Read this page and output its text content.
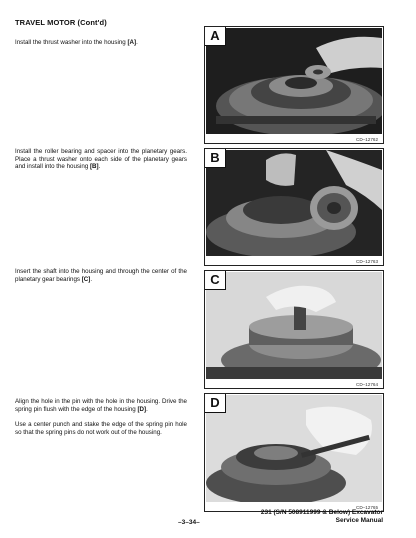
TRAVEL MOTOR (Cont'd)
Install the thrust washer into the housing [A].
Install the roller bearing and spacer into the planetary gears. Place a thrust washer onto each side of the planetary gears and install into the housing [B].
Insert the shaft into the housing and through the center of the planetary gear bearings [C].
Align the hole in the pin with the hole in the housing. Drive the spring pin flush with the edge of the housing [D].
Use a center punch and stake the edge of the spring pin hole so that the spring pins do not work out of the housing.
A
CD–12762
B
CD–12763
C
CD–12764
D
CD–12765
–3–34–
231 (S/N 508911999 & Below) Excavator
Service Manual
